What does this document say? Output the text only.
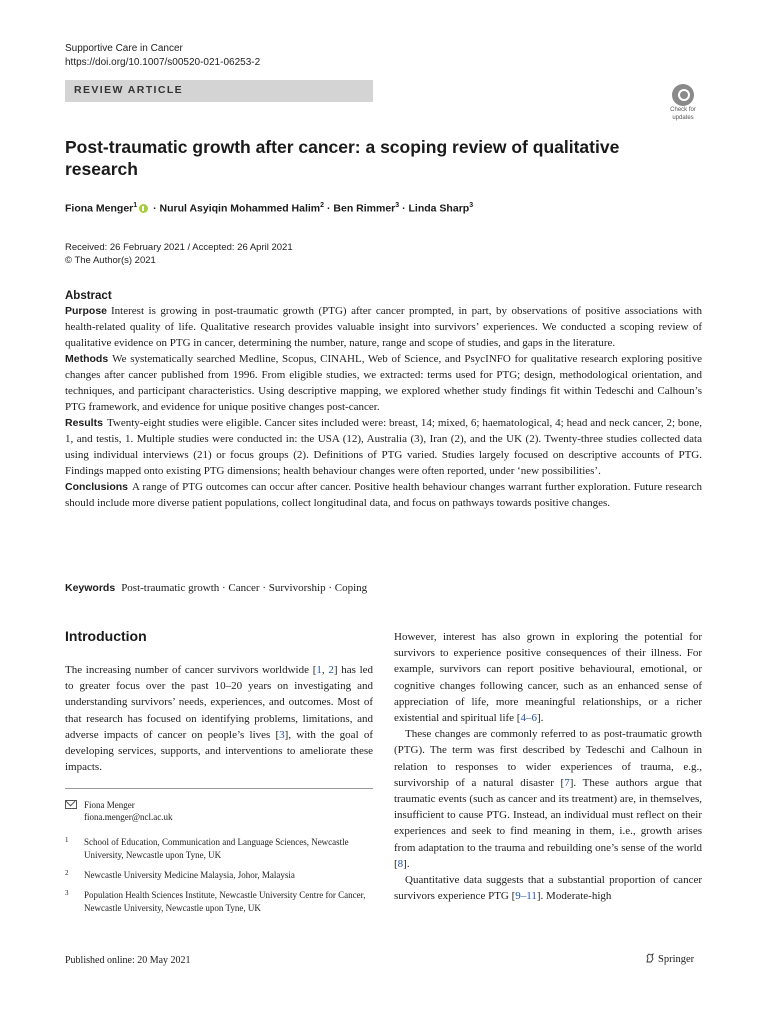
Supportive Care in Cancer
https://doi.org/10.1007/s00520-021-06253-2
REVIEW ARTICLE
Check for
updates
Post-traumatic growth after cancer: a scoping review of qualitative research
Fiona Menger$^1$ · Nurul Asyiqin Mohammed Halim$^2$ · Ben Rimmer$^3$ · Linda Sharp$^3$
Received: 26 February 2021 / Accepted: 26 April 2021
© The Author(s) 2021
Abstract

Purpose Interest is growing in post-traumatic growth (PTG) after cancer prompted, in part, by observations of positive associations with health-related quality of life. Qualitative research provides valuable insight into survivors’ experiences. We conducted a scoping review of qualitative evidence on PTG in cancer, determining the number, nature, range and scope of studies, and gaps in the literature.

Methods We systematically searched Medline, Scopus, CINAHL, Web of Science, and PsycINFO for qualitative research exploring positive changes after cancer published from 1996. From eligible studies, we extracted: terms used for PTG; design, methodological orientation, and techniques, and participant characteristics. Using descriptive mapping, we explored whether study findings fit within Tedeschi and Calhoun’s PTG framework, and evidence for unique positive changes post-cancer.

Results Twenty-eight studies were eligible. Cancer sites included were: breast, 14; mixed, 6; haematological, 4; head and neck cancer, 2; bone, 1, and testis, 1. Multiple studies were conducted in: the USA (12), Australia (3), Iran (2), and the UK (2). Twenty-three studies collected data using individual interviews (21) or focus groups (2). Definitions of PTG varied. Studies largely focused on descriptive accounts of PTG. Findings mapped onto existing PTG dimensions; health behaviour changes were often reported, under ‘new possibilities’.

Conclusions A range of PTG outcomes can occur after cancer. Positive health behaviour changes warrant further exploration. Future research should include more diverse patient populations, collect longitudinal data, and focus on pathways towards positive changes.

Keywords Post-traumatic growth · Cancer · Survivorship · Coping
Introduction

The increasing number of cancer survivors worldwide [1, 2] has led to greater focus over the past 10–20 years on investigating and understanding survivors’ needs, experiences, and outcomes. Most of that research has focused on identifying problems, limitations, and adverse impacts of cancer on people’s lives [3], with the goal of developing services, supports, and interventions to ameliorate these impacts.

Fiona Menger
fiona.menger@ncl.ac.uk
1 School of Education, Communication and Language Sciences, Newcastle University, Newcastle upon Tyne, UK
2 Newcastle University Medicine Malaysia, Johor, Malaysia
3 Population Health Sciences Institute, Newcastle University Centre for Cancer, Newcastle University, Newcastle upon Tyne, UK

However, interest has also grown in exploring the potential for survivors to experience positive consequences of their illness. For example, survivors can report positive behavioural, emotional, or cognitive changes following cancer, such as an enhanced sense of appreciation of life, more meaningful relationships, or a richer existential and spiritual life [4–6].

These changes are commonly referred to as post-traumatic growth (PTG). The term was first described by Tedeschi and Calhoun in relation to responses to wider experiences of trauma, e.g., survivorship of a natural disaster [7]. These authors argue that traumatic events (such as cancer and its treatment) are, in themselves, insufficient to cause PTG. Instead, an individual must reflect on their experiences and seek to find meaning in them, i.e., growth arises from adaptation to the trauma and rebuilding one’s sense of the world [8].

Quantitative data suggests that a substantial proportion of cancer survivors experience PTG [9–11]. Moderate-high

Published online: 20 May 2021	Springer
